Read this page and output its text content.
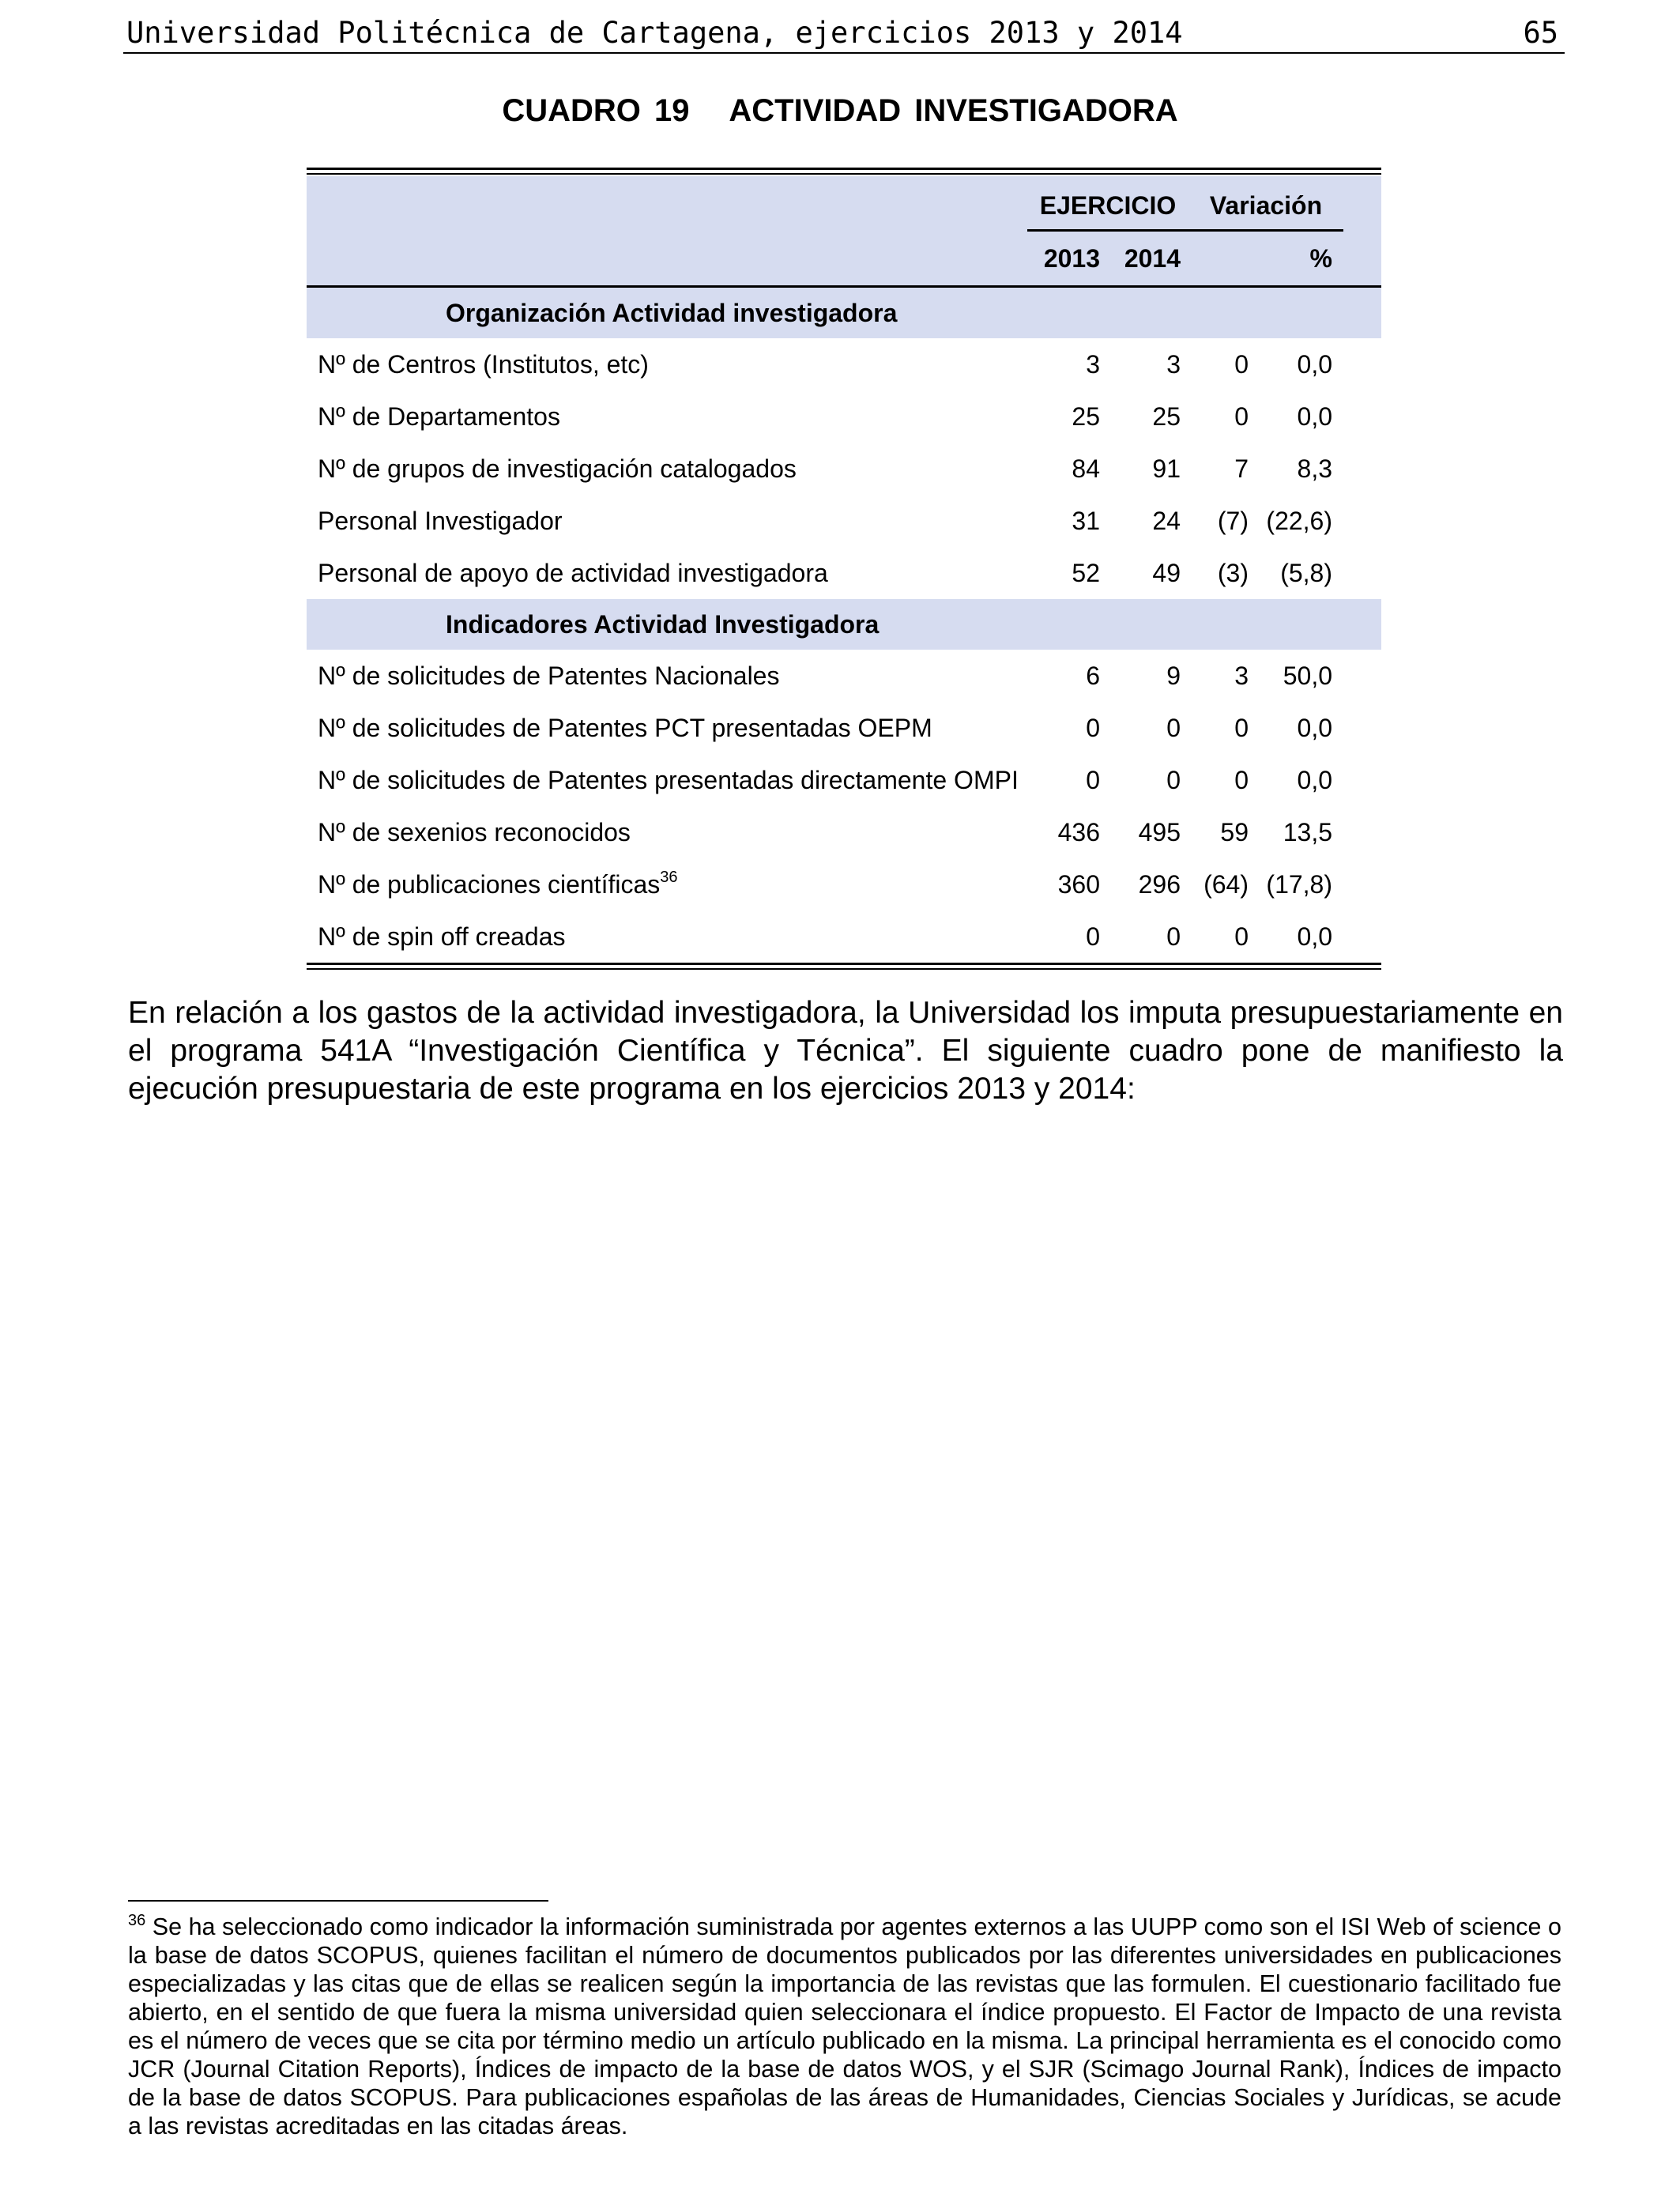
Universidad Politécnica de Cartagena, ejercicios 2013 y 2014	65
CUADRO 19   ACTIVIDAD INVESTIGADORA
EJERCICIO	Variación
2013 2014	%
Organización Actividad investigadora
Nº de Centros (Institutos, etc)	3	3	0	0,0
Nº de Departamentos	25	25	0	0,0
Nº de grupos de investigación catalogados	84	91	7	8,3
Personal Investigador	31	24	(7) (22,6)
Personal de apoyo de actividad investigadora	52	49	(3)	(5,8)
Indicadores Actividad Investigadora
Nº de solicitudes de Patentes Nacionales	6	9	3	50,0
Nº de solicitudes de Patentes PCT presentadas OEPM	0	0	0	0,0
Nº de solicitudes de Patentes presentadas directamente OMPI	0	0	0	0,0
Nº de sexenios reconocidos	436	495	59	13,5
Nº de publicaciones científicas$^{36}$	360	296 (64) (17,8)
Nº de spin off creadas	0	0	0	0,0
En relación a los gastos de la actividad investigadora, la Universidad los imputa presupuestariamente en el programa 541A “Investigación Científica y Técnica”. El siguiente cuadro pone de manifiesto la ejecución presupuestaria de este programa en los ejercicios 2013 y 2014:
$^{36}$ Se ha seleccionado como indicador la información suministrada por agentes externos a las UUPP como son el ISI Web of science o la base de datos SCOPUS, quienes facilitan el número de documentos publicados por las diferentes universidades en publicaciones especializadas y las citas que de ellas se realicen según la importancia de las revistas que las formulen. El cuestionario facilitado fue abierto, en el sentido de que fuera la misma universidad quien seleccionara el índice propuesto. El Factor de Impacto de una revista es el número de veces que se cita por término medio un artículo publicado en la misma. La principal herramienta es el conocido como JCR (Journal Citation Reports), Índices de impacto de la base de datos WOS, y el SJR (Scimago Journal Rank), Índices de impacto de la base de datos SCOPUS. Para publicaciones españolas de las áreas de Humanidades, Ciencias Sociales y Jurídicas, se acude a las revistas acreditadas en las citadas áreas.
